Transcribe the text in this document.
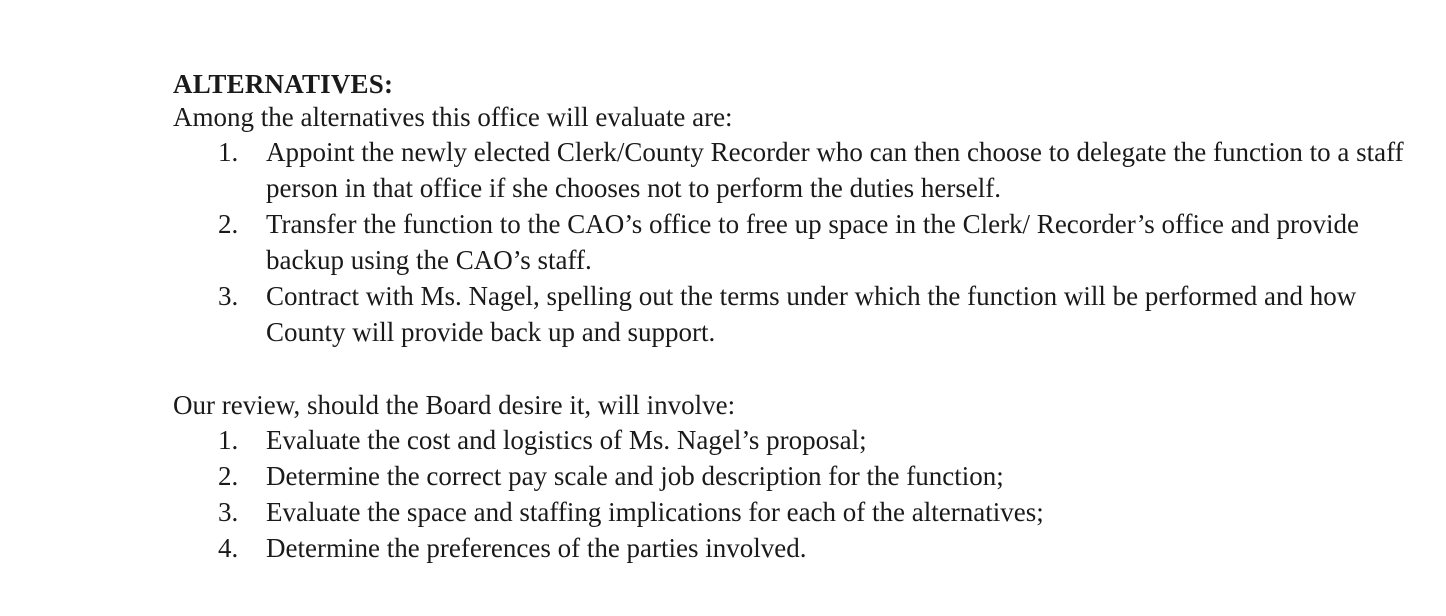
ALTERNATIVES:

Among the alternatives this office will evaluate are:

1. Appoint the newly elected Clerk/County Recorder who can then choose to delegate the function to a staff person in that office if she chooses not to perform the duties herself.
2. Transfer the function to the CAO’s office to free up space in the Clerk/ Recorder’s office and provide backup using the CAO’s staff.
3. Contract with Ms. Nagel, spelling out the terms under which the function will be performed and how County will provide back up and support.

Our review, should the Board desire it, will involve:

1. Evaluate the cost and logistics of Ms. Nagel’s proposal;
2. Determine the correct pay scale and job description for the function;
3. Evaluate the space and staffing implications for each of the alternatives;
4. Determine the preferences of the parties involved.
